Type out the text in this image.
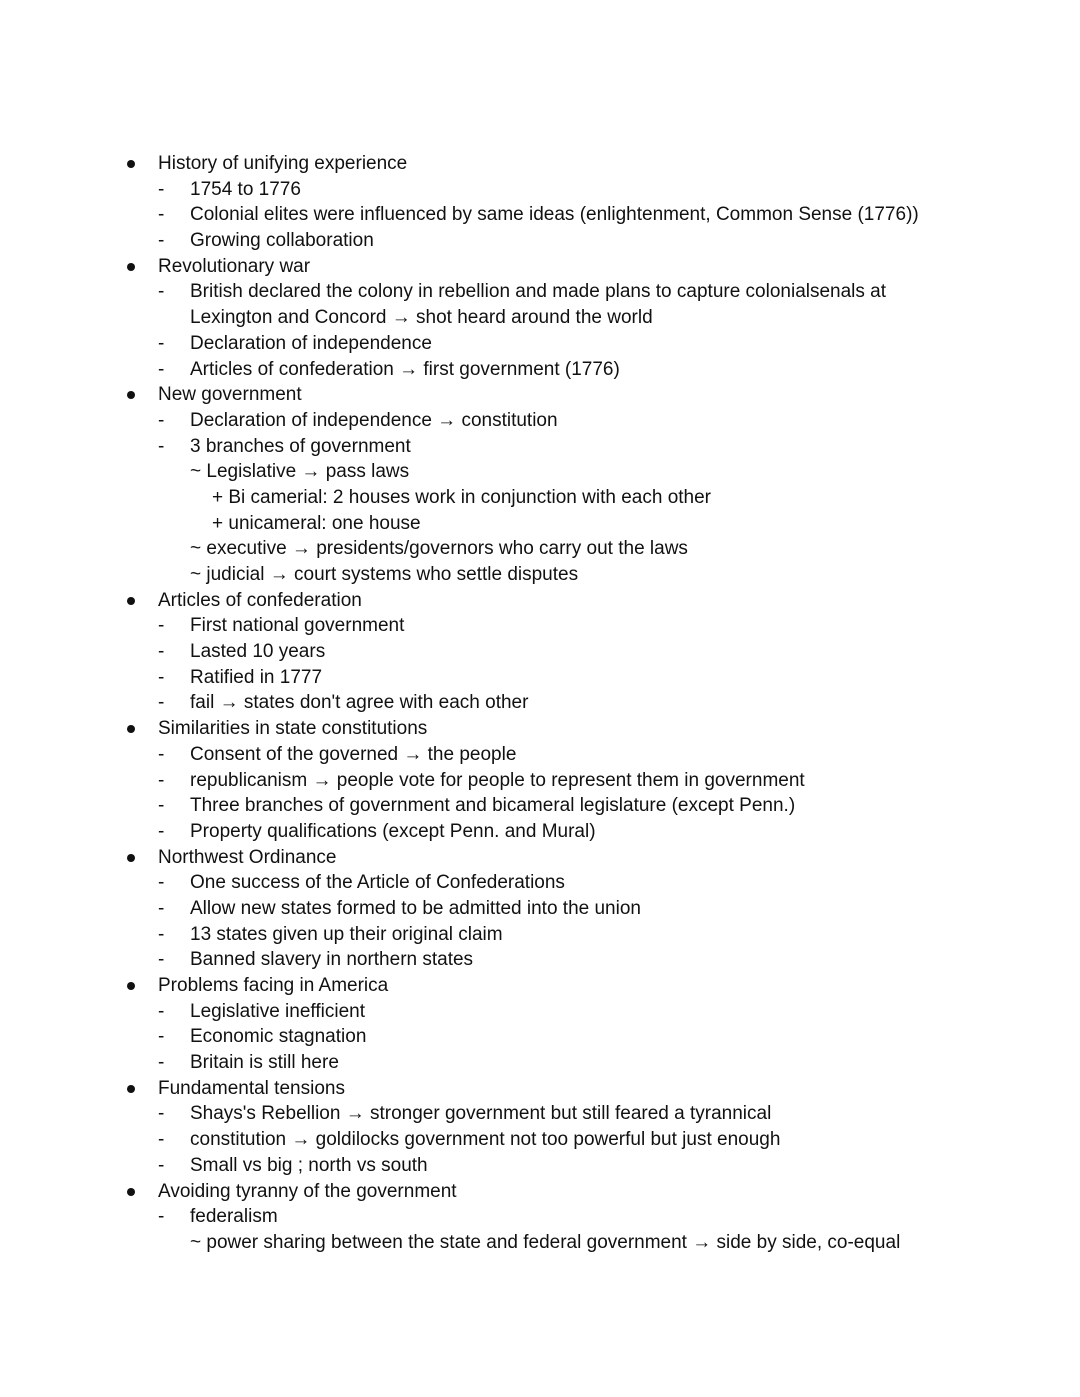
History of unifying experience
- 1754 to 1776
- Colonial elites were influenced by same ideas (enlightenment, Common Sense (1776))
- Growing collaboration
Revolutionary war
- British declared the colony in rebellion and made plans to capture colonialsenals at
Lexington and Concord → shot heard around the world
- Declaration of independence
- Articles of confederation → first government (1776)
New government
- Declaration of independence → constitution
- 3 branches of government
~ Legislative → pass laws
+ Bi camerial: 2 houses work in conjunction with each other
+ unicameral: one house
~ executive → presidents/governors who carry out the laws
~ judicial → court systems who settle disputes
Articles of confederation
- First national government
- Lasted 10 years
- Ratified in 1777
- fail → states don't agree with each other
Similarities in state constitutions
- Consent of the governed → the people
- republicanism → people vote for people to represent them in government
- Three branches of government and bicameral legislature (except Penn.)
- Property qualifications (except Penn. and Mural)
Northwest Ordinance
- One success of the Article of Confederations
- Allow new states formed to be admitted into the union
- 13 states given up their original claim
- Banned slavery in northern states
Problems facing in America
- Legislative inefficient
- Economic stagnation
- Britain is still here
Fundamental tensions
- Shays's Rebellion → stronger government but still feared a tyrannical
- constitution → goldilocks government not too powerful but just enough
- Small vs big ; north vs south
Avoiding tyranny of the government
- federalism
~ power sharing between the state and federal government → side by side, co-equal
